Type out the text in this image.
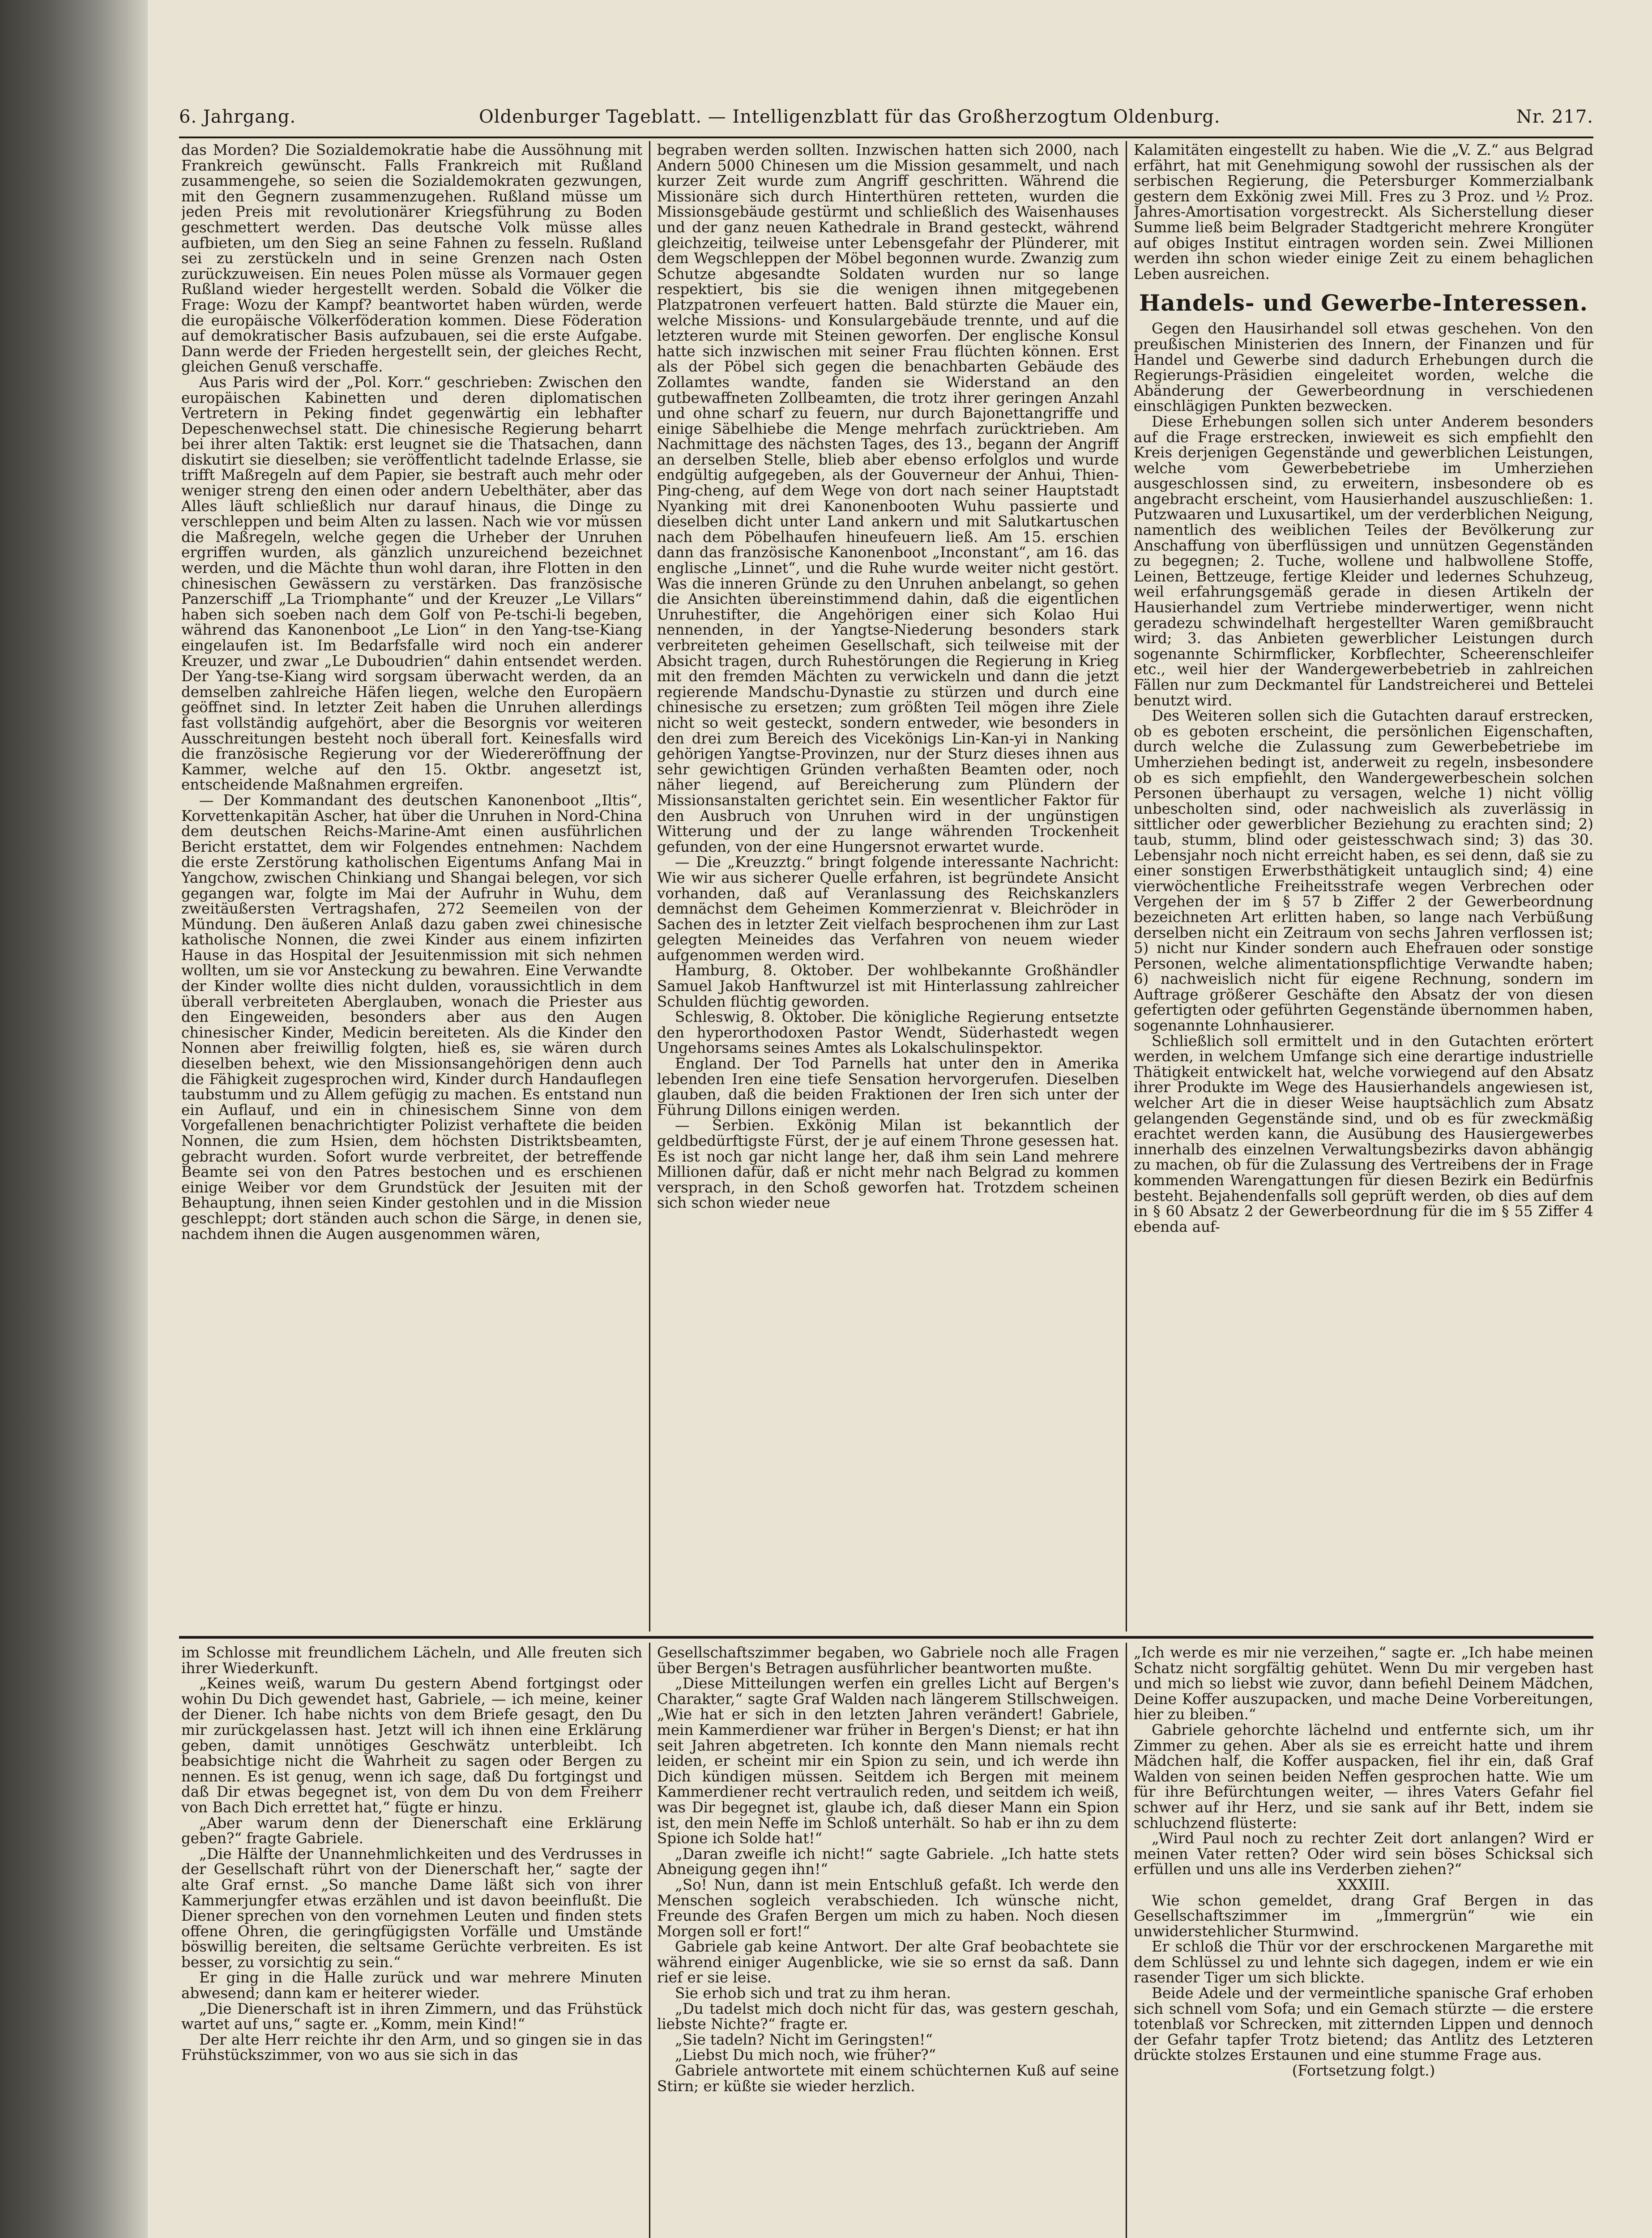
6. Jahrgang.	Oldenburger Tageblatt. — Intelligenzblatt für das Großherzogtum Oldenburg.	Nr. 217.

das Morden? Die Sozialdemokratie habe die Aussöhnung mit Frankreich gewünscht. Falls Frankreich mit Rußland zusammengehe, so seien die Sozialdemokraten gezwungen, mit den Gegnern zusammenzugehen. Rußland müsse um jeden Preis mit revolutionärer Kriegsführung zu Boden geschmettert werden. Das deutsche Volk müsse alles aufbieten, um den Sieg an seine Fahnen zu fesseln. Rußland sei zu zerstückeln und in seine Grenzen nach Osten zurückzuweisen. Ein neues Polen müsse als Vormauer gegen Rußland wieder hergestellt werden. Sobald die Völker die Frage: Wozu der Kampf? beantwortet haben würden, werde die europäische Völkerföderation kommen. Diese Föderation auf demokratischer Basis aufzubauen, sei die erste Aufgabe. Dann werde der Frieden hergestellt sein, der gleiches Recht, gleichen Genuß verschaffe.

Aus Paris wird der „Pol. Korr.“ geschrieben: Zwischen den europäischen Kabinetten und deren diplomatischen Vertretern in Peking findet gegenwärtig ein lebhafter Depeschenwechsel statt. Die chinesische Regierung beharrt bei ihrer alten Taktik: erst leugnet sie die Thatsachen, dann diskutirt sie dieselben; sie veröffentlicht tadelnde Erlasse, sie trifft Maßregeln auf dem Papier, sie bestraft auch mehr oder weniger streng den einen oder andern Uebelthäter, aber das Alles läuft schließlich nur darauf hinaus, die Dinge zu verschleppen und beim Alten zu lassen. Nach wie vor müssen die Maßregeln, welche gegen die Urheber der Unruhen ergriffen wurden, als gänzlich unzureichend bezeichnet werden, und die Mächte thun wohl daran, ihre Flotten in den chinesischen Gewässern zu verstärken. Das französische Panzerschiff „La Triomphante“ und der Kreuzer „Le Villars“ haben sich soeben nach dem Golf von Pe-tschi-li begeben, während das Kanonenboot „Le Lion“ in den Yang-tse-Kiang eingelaufen ist. Im Bedarfsfalle wird noch ein anderer Kreuzer, und zwar „Le Duboudrien“ dahin entsendet werden. Der Yang-tse-Kiang wird sorgsam überwacht werden, da an demselben zahlreiche Häfen liegen, welche den Europäern geöffnet sind. In letzter Zeit haben die Unruhen allerdings fast vollständig aufgehört, aber die Besorgnis vor weiteren Ausschreitungen besteht noch überall fort. Keinesfalls wird die französische Regierung vor der Wiedereröffnung der Kammer, welche auf den 15. Oktbr. angesetzt ist, entscheidende Maßnahmen ergreifen.

— Der Kommandant des deutschen Kanonenboot „Iltis“, Korvettenkapitän Ascher, hat über die Unruhen in Nord-China dem deutschen Reichs-Marine-Amt einen ausführlichen Bericht erstattet, dem wir Folgendes entnehmen: Nachdem die erste Zerstörung katholischen Eigentums Anfang Mai in Yangchow, zwischen Chinkiang und Shangai belegen, vor sich gegangen war, folgte im Mai der Aufruhr in Wuhu, dem zweitäußersten Vertragshafen, 272 Seemeilen von der Mündung. Den äußeren Anlaß dazu gaben zwei chinesische katholische Nonnen, die zwei Kinder aus einem infizirten Hause in das Hospital der Jesuitenmission mit sich nehmen wollten, um sie vor Ansteckung zu bewahren. Eine Verwandte der Kinder wollte dies nicht dulden, voraussichtlich in dem überall verbreiteten Aberglauben, wonach die Priester aus den Eingeweiden, besonders aber aus den Augen chinesischer Kinder, Medicin bereiteten. Als die Kinder den Nonnen aber freiwillig folgten, hieß es, sie wären durch dieselben behext, wie den Missionsangehörigen denn auch die Fähigkeit zugesprochen wird, Kinder durch Handauflegen taubstumm und zu Allem gefügig zu machen. Es entstand nun ein Auflauf, und ein in chinesischem Sinne von dem Vorgefallenen benachrichtigter Polizist verhaftete die beiden Nonnen, die zum Hsien, dem höchsten Distriktsbeamten, gebracht wurden. Sofort wurde verbreitet, der betreffende Beamte sei von den Patres bestochen und es erschienen einige Weiber vor dem Grundstück der Jesuiten mit der Behauptung, ihnen seien Kinder gestohlen und in die Mission geschleppt; dort ständen auch schon die Särge, in denen sie, nachdem ihnen die Augen ausgenommen wären,

begraben werden sollten. Inzwischen hatten sich 2000, nach Andern 5000 Chinesen um die Mission gesammelt, und nach kurzer Zeit wurde zum Angriff geschritten. Während die Missionäre sich durch Hinterthüren retteten, wurden die Missionsgebäude gestürmt und schließlich des Waisenhauses und der ganz neuen Kathedrale in Brand gesteckt, während gleichzeitig, teilweise unter Lebensgefahr der Plünderer, mit dem Wegschleppen der Möbel begonnen wurde. Zwanzig zum Schutze abgesandte Soldaten wurden nur so lange respektiert, bis sie die wenigen ihnen mitgegebenen Platzpatronen verfeuert hatten. Bald stürzte die Mauer ein, welche Missions- und Konsulargebäude trennte, und auf die letzteren wurde mit Steinen geworfen. Der englische Konsul hatte sich inzwischen mit seiner Frau flüchten können. Erst als der Pöbel sich gegen die benachbarten Gebäude des Zollamtes wandte, fanden sie Widerstand an den gutbewaffneten Zollbeamten, die trotz ihrer geringen Anzahl und ohne scharf zu feuern, nur durch Bajonettangriffe und einige Säbelhiebe die Menge mehrfach zurücktrieben. Am Nachmittage des nächsten Tages, des 13., begann der Angriff an derselben Stelle, blieb aber ebenso erfolglos und wurde endgültig aufgegeben, als der Gouverneur der Anhui, Thien-Ping-cheng, auf dem Wege von dort nach seiner Hauptstadt Nyanking mit drei Kanonenbooten Wuhu passierte und dieselben dicht unter Land ankern und mit Salutkartuschen nach dem Pöbelhaufen hineufeuern ließ. Am 15. erschien dann das französische Kanonenboot „Inconstant“, am 16. das englische „Linnet“, und die Ruhe wurde weiter nicht gestört. Was die inneren Gründe zu den Unruhen anbelangt, so gehen die Ansichten übereinstimmend dahin, daß die eigentlichen Unruhestifter, die Angehörigen einer sich Kolao Hui nennenden, in der Yangtse-Niederung besonders stark verbreiteten geheimen Gesellschaft, sich teilweise mit der Absicht tragen, durch Ruhestörungen die Regierung in Krieg mit den fremden Mächten zu verwickeln und dann die jetzt regierende Mandschu-Dynastie zu stürzen und durch eine chinesische zu ersetzen; zum größten Teil mögen ihre Ziele nicht so weit gesteckt, sondern entweder, wie besonders in den drei zum Bereich des Vicekönigs Lin-Kan-yi in Nanking gehörigen Yangtse-Provinzen, nur der Sturz dieses ihnen aus sehr gewichtigen Gründen verhaßten Beamten oder, noch näher liegend, auf Bereicherung zum Plündern der Missionsanstalten gerichtet sein. Ein wesentlicher Faktor für den Ausbruch von Unruhen wird in der ungünstigen Witterung und der zu lange währenden Trockenheit gefunden, von der eine Hungersnot erwartet wurde.

— Die „Kreuzztg.“ bringt folgende interessante Nachricht: Wie wir aus sicherer Quelle erfahren, ist begründete Ansicht vorhanden, daß auf Veranlassung des Reichskanzlers demnächst dem Geheimen Kommerzienrat v. Bleichröder in Sachen des in letzter Zeit vielfach besprochenen ihm zur Last gelegten Meineides das Verfahren von neuem wieder aufgenommen werden wird.

Hamburg, 8. Oktober. Der wohlbekannte Großhändler Samuel Jakob Hanftwurzel ist mit Hinterlassung zahlreicher Schulden flüchtig geworden.

Schleswig, 8. Oktober. Die königliche Regierung entsetzte den hyperorthodoxen Pastor Wendt, Süderhastedt wegen Ungehorsams seines Amtes als Lokalschulinspektor.

England. Der Tod Parnells hat unter den in Amerika lebenden Iren eine tiefe Sensation hervorgerufen. Dieselben glauben, daß die beiden Fraktionen der Iren sich unter der Führung Dillons einigen werden.

— Serbien. Exkönig Milan ist bekanntlich der geldbedürftigste Fürst, der je auf einem Throne gesessen hat. Es ist noch gar nicht lange her, daß ihm sein Land mehrere Millionen dafür, daß er nicht mehr nach Belgrad zu kommen versprach, in den Schoß geworfen hat. Trotzdem scheinen sich schon wieder neue

Kalamitäten eingestellt zu haben. Wie die „V. Z.“ aus Belgrad erfährt, hat mit Genehmigung sowohl der russischen als der serbischen Regierung, die Petersburger Kommerzialbank gestern dem Exkönig zwei Mill. Fres zu 3 Proz. und ½ Proz. Jahres-Amortisation vorgestreckt. Als Sicherstellung dieser Summe ließ beim Belgrader Stadtgericht mehrere Krongüter auf obiges Institut eintragen worden sein. Zwei Millionen werden ihn schon wieder einige Zeit zu einem behaglichen Leben ausreichen.

Handels- und Gewerbe-Interessen.

Gegen den Hausirhandel soll etwas geschehen. Von den preußischen Ministerien des Innern, der Finanzen und für Handel und Gewerbe sind dadurch Erhebungen durch die Regierungs-Präsidien eingeleitet worden, welche die Abänderung der Gewerbeordnung in verschiedenen einschlägigen Punkten bezwecken.

Diese Erhebungen sollen sich unter Anderem besonders auf die Frage erstrecken, inwieweit es sich empfiehlt den Kreis derjenigen Gegenstände und gewerblichen Leistungen, welche vom Gewerbebetriebe im Umherziehen ausgeschlossen sind, zu erweitern, insbesondere ob es angebracht erscheint, vom Hausierhandel auszuschließen: 1. Putzwaaren und Luxusartikel, um der verderblichen Neigung, namentlich des weiblichen Teiles der Bevölkerung zur Anschaffung von überflüssigen und unnützen Gegenständen zu begegnen; 2. Tuche, wollene und halbwollene Stoffe, Leinen, Bettzeuge, fertige Kleider und ledernes Schuhzeug, weil erfahrungsgemäß gerade in diesen Artikeln der Hausierhandel zum Vertriebe minderwertiger, wenn nicht geradezu schwindelhaft hergestellter Waren gemißbraucht wird; 3. das Anbieten gewerblicher Leistungen durch sogenannte Schirmflicker, Korbflechter, Scheerenschleifer etc., weil hier der Wandergewerbebetrieb in zahlreichen Fällen nur zum Deckmantel für Landstreicherei und Bettelei benutzt wird.

Des Weiteren sollen sich die Gutachten darauf erstrecken, ob es geboten erscheint, die persönlichen Eigenschaften, durch welche die Zulassung zum Gewerbebetriebe im Umherziehen bedingt ist, anderweit zu regeln, insbesondere ob es sich empfiehlt, den Wandergewerbeschein solchen Personen überhaupt zu versagen, welche 1) nicht völlig unbescholten sind, oder nachweislich als zuverlässig in sittlicher oder gewerblicher Beziehung zu erachten sind; 2) taub, stumm, blind oder geistesschwach sind; 3) das 30. Lebensjahr noch nicht erreicht haben, es sei denn, daß sie zu einer sonstigen Erwerbsthätigkeit untauglich sind; 4) eine vierwöchentliche Freiheitsstrafe wegen Verbrechen oder Vergehen der im § 57 b Ziffer 2 der Gewerbeordnung bezeichneten Art erlitten haben, so lange nach Verbüßung derselben nicht ein Zeitraum von sechs Jahren verflossen ist; 5) nicht nur Kinder sondern auch Ehefrauen oder sonstige Personen, welche alimentationspflichtige Verwandte haben; 6) nachweislich nicht für eigene Rechnung, sondern im Auftrage größerer Geschäfte den Absatz der von diesen gefertigten oder geführten Gegenstände übernommen haben, sogenannte Lohnhausierer.

Schließlich soll ermittelt und in den Gutachten erörtert werden, in welchem Umfange sich eine derartige industrielle Thätigkeit entwickelt hat, welche vorwiegend auf den Absatz ihrer Produkte im Wege des Hausierhandels angewiesen ist, welcher Art die in dieser Weise hauptsächlich zum Absatz gelangenden Gegenstände sind, und ob es für zweckmäßig erachtet werden kann, die Ausübung des Hausiergewerbes innerhalb des einzelnen Verwaltungsbezirks davon abhängig zu machen, ob für die Zulassung des Vertreibens der in Frage kommenden Warengattungen für diesen Bezirk ein Bedürfnis besteht. Bejahendenfalls soll geprüft werden, ob dies auf dem in § 60 Absatz 2 der Gewerbeordnung für die im § 55 Ziffer 4 ebenda auf-

im Schlosse mit freundlichem Lächeln, und Alle freuten sich ihrer Wiederkunft.

„Keines weiß, warum Du gestern Abend fortgingst oder wohin Du Dich gewendet hast, Gabriele, — ich meine, keiner der Diener. Ich habe nichts von dem Briefe gesagt, den Du mir zurückgelassen hast. Jetzt will ich ihnen eine Erklärung geben, damit unnötiges Geschwätz unterbleibt. Ich beabsichtige nicht die Wahrheit zu sagen oder Bergen zu nennen. Es ist genug, wenn ich sage, daß Du fortgingst und daß Dir etwas begegnet ist, von dem Du von dem Freiherr von Bach Dich errettet hat,“ fügte er hinzu.

„Aber warum denn der Dienerschaft eine Erklärung geben?“ fragte Gabriele.

„Die Hälfte der Unannehmlichkeiten und des Verdrusses in der Gesellschaft rührt von der Dienerschaft her,“ sagte der alte Graf ernst. „So manche Dame läßt sich von ihrer Kammerjungfer etwas erzählen und ist davon beeinflußt. Die Diener sprechen von den vornehmen Leuten und finden stets offene Ohren, die geringfügigsten Vorfälle und Umstände böswillig bereiten, die seltsame Gerüchte verbreiten. Es ist besser, zu vorsichtig zu sein.“

Er ging in die Halle zurück und war mehrere Minuten abwesend; dann kam er heiterer wieder.

„Die Dienerschaft ist in ihren Zimmern, und das Frühstück wartet auf uns,“ sagte er. „Komm, mein Kind!“

Der alte Herr reichte ihr den Arm, und so gingen sie in das Frühstückszimmer, von wo aus sie sich in das

Gesellschaftszimmer begaben, wo Gabriele noch alle Fragen über Bergen's Betragen ausführlicher beantworten mußte.

„Diese Mitteilungen werfen ein grelles Licht auf Bergen's Charakter,“ sagte Graf Walden nach längerem Stillschweigen. „Wie hat er sich in den letzten Jahren verändert! Gabriele, mein Kammerdiener war früher in Bergen's Dienst; er hat ihn seit Jahren abgetreten. Ich konnte den Mann niemals recht leiden, er scheint mir ein Spion zu sein, und ich werde ihn Dich kündigen müssen. Seitdem ich Bergen mit meinem Kammerdiener recht vertraulich reden, und seitdem ich weiß, was Dir begegnet ist, glaube ich, daß dieser Mann ein Spion ist, den mein Neffe im Schloß unterhält. So hab er ihn zu dem Spione ich Solde hat!“

„Daran zweifle ich nicht!“ sagte Gabriele. „Ich hatte stets Abneigung gegen ihn!“

„So! Nun, dann ist mein Entschluß gefaßt. Ich werde den Menschen sogleich verabschieden. Ich wünsche nicht, Freunde des Grafen Bergen um mich zu haben. Noch diesen Morgen soll er fort!“

Gabriele gab keine Antwort. Der alte Graf beobachtete sie während einiger Augenblicke, wie sie so ernst da saß. Dann rief er sie leise.

Sie erhob sich und trat zu ihm heran.

„Du tadelst mich doch nicht für das, was gestern geschah, liebste Nichte?“ fragte er.

„Sie tadeln? Nicht im Geringsten!“

„Liebst Du mich noch, wie früher?“

Gabriele antwortete mit einem schüchternen Kuß auf seine Stirn; er küßte sie wieder herzlich.

„Ich werde es mir nie verzeihen,“ sagte er. „Ich habe meinen Schatz nicht sorgfältig gehütet. Wenn Du mir vergeben hast und mich so liebst wie zuvor, dann befiehl Deinem Mädchen, Deine Koffer auszupacken, und mache Deine Vorbereitungen, hier zu bleiben.“

Gabriele gehorchte lächelnd und entfernte sich, um ihr Zimmer zu gehen. Aber als sie es erreicht hatte und ihrem Mädchen half, die Koffer auspacken, fiel ihr ein, daß Graf Walden von seinen beiden Neffen gesprochen hatte. Wie um für ihre Befürchtungen weiter, — ihres Vaters Gefahr fiel schwer auf ihr Herz, und sie sank auf ihr Bett, indem sie schluchzend flüsterte:

„Wird Paul noch zu rechter Zeit dort anlangen? Wird er meinen Vater retten? Oder wird sein böses Schicksal sich erfüllen und uns alle ins Verderben ziehen?“

XXXIII.

Wie schon gemeldet, drang Graf Bergen in das Gesellschaftszimmer im „Immergrün“ wie ein unwiderstehlicher Sturmwind.

Er schloß die Thür vor der erschrockenen Margarethe mit dem Schlüssel zu und lehnte sich dagegen, indem er wie ein rasender Tiger um sich blickte.

Beide Adele und der vermeintliche spanische Graf erhoben sich schnell vom Sofa; und ein Gemach stürzte — die erstere totenblaß vor Schrecken, mit zitternden Lippen und dennoch der Gefahr tapfer Trotz bietend; das Antlitz des Letzteren drückte stolzes Erstaunen und eine stumme Frage aus.

(Fortsetzung folgt.)
